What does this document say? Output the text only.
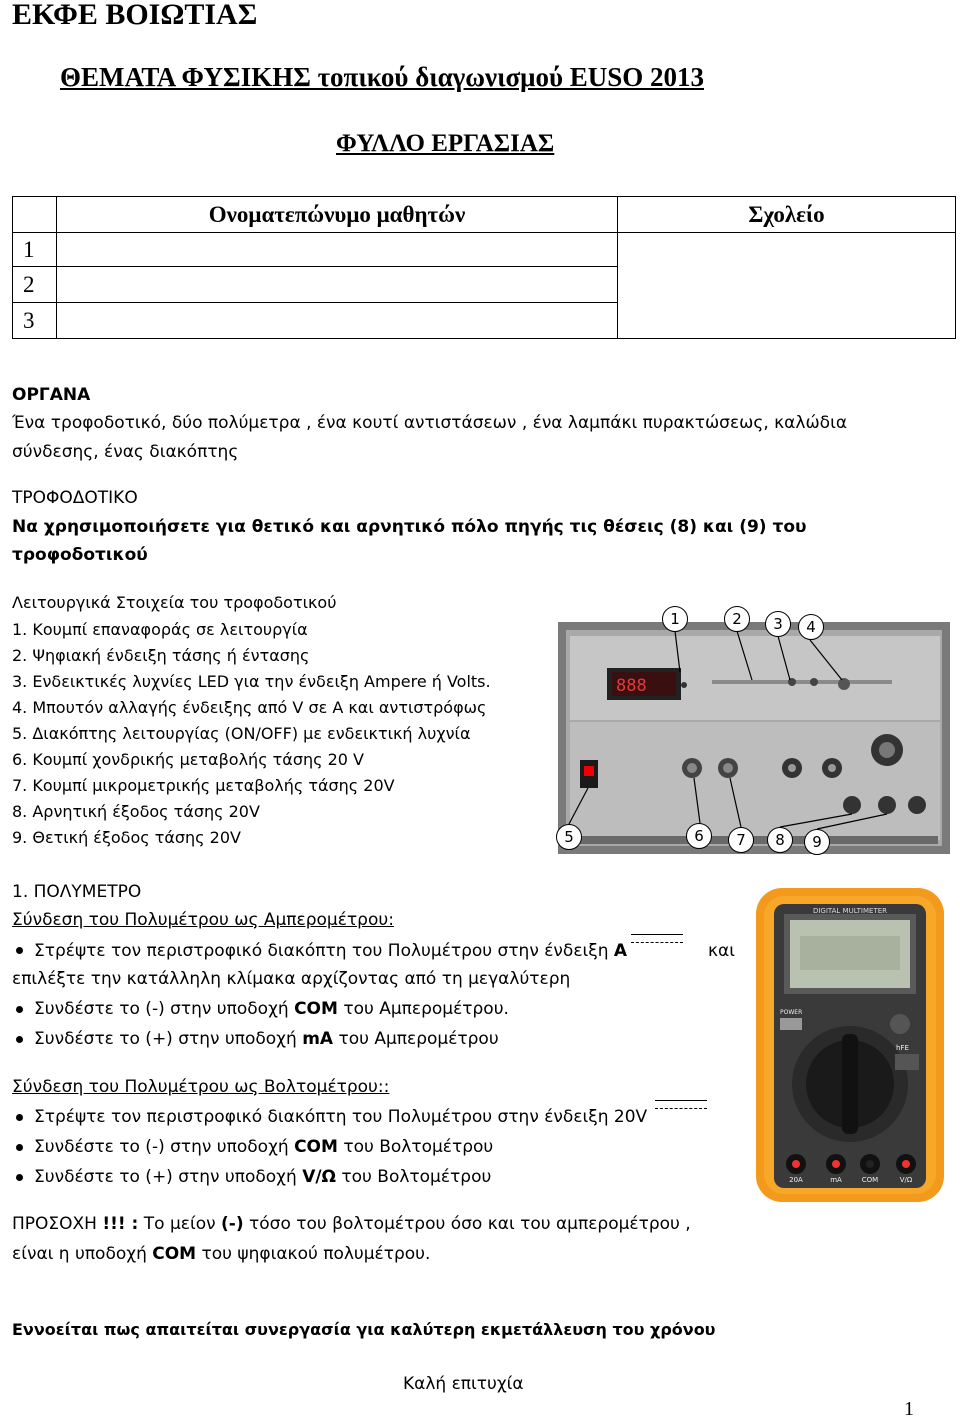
ΕΚΦΕ ΒΟΙΩΤΙΑΣ
ΘΕΜΑΤΑ ΦΥΣΙΚΗΣ τοπικού διαγωνισμού EUSO 2013
ΦΥΛΛΟ ΕΡΓΑΣΙΑΣ
	Ονοματεπώνυμο μαθητών	Σχολείο
1		
2		
3		
ΟΡΓΑΝΑ
Ένα τροφοδοτικό, δύο πολύμετρα , ένα κουτί αντιστάσεων , ένα λαμπάκι πυρακτώσεως, καλώδια
σύνδεσης, ένας διακόπτης
ΤΡΟΦΟΔΟΤΙΚΟ
Να χρησιμοποιήσετε για θετικό και αρνητικό πόλο πηγής τις θέσεις (8) και (9) του
τροφοδοτικού
Λειτουργικά Στοιχεία του τροφοδοτικού
1. Κουμπί επαναφοράς σε λειτουργία
2. Ψηφιακή ένδειξη τάσης ή έντασης
3. Ενδεικτικές λυχνίες LED για την ένδειξη Ampere ή Volts.
4. Μπουτόν αλλαγής ένδειξης από V σε A και αντιστρόφως
5. Διακόπτης λειτουργίας (ON/OFF) με ενδεικτική λυχνία
6. Κουμπί χονδρικής μεταβολής τάσης 20 V
7. Κουμπί μικρομετρικής μεταβολής τάσης 20V
8. Αρνητική έξοδος τάσης 20V
9. Θετική έξοδος τάσης 20V
888
1	2	3	4
5	6	7	8	9
1. ΠΟΛΥΜΕΤΡΟ
Σύνδεση του Πολυμέτρου ως Αμπερομέτρου:
Στρέψτε τον περιστροφικό διακόπτη του Πολυμέτρου στην ένδειξη A	και
επιλέξτε την κατάλληλη κλίμακα αρχίζοντας από τη μεγαλύτερη
Συνδέστε το (-) στην υποδοχή COM του Αμπερομέτρου.
Συνδέστε το (+) στην υποδοχή mA του Αμπερομέτρου
Σύνδεση του Πολυμέτρου ως Βολτομέτρου::
Στρέψτε τον περιστροφικό διακόπτη του Πολυμέτρου στην ένδειξη 20V
Συνδέστε το (-) στην υποδοχή COM του Βολτομέτρου
Συνδέστε το (+) στην υποδοχή V/Ω του Βολτομέτρου
DIGITAL MULTIMETER
POWER
hFE
20A	mA	COM	V/Ω
ΠΡΟΣΟΧΗ !!! : Το μείον (-) τόσο του βολτομέτρου όσο και του αμπερομέτρου ,
είναι η υποδοχή COM του ψηφιακού πολυμέτρου.
Εννοείται πως απαιτείται συνεργασία για καλύτερη εκμετάλλευση του χρόνου
Καλή επιτυχία
1
